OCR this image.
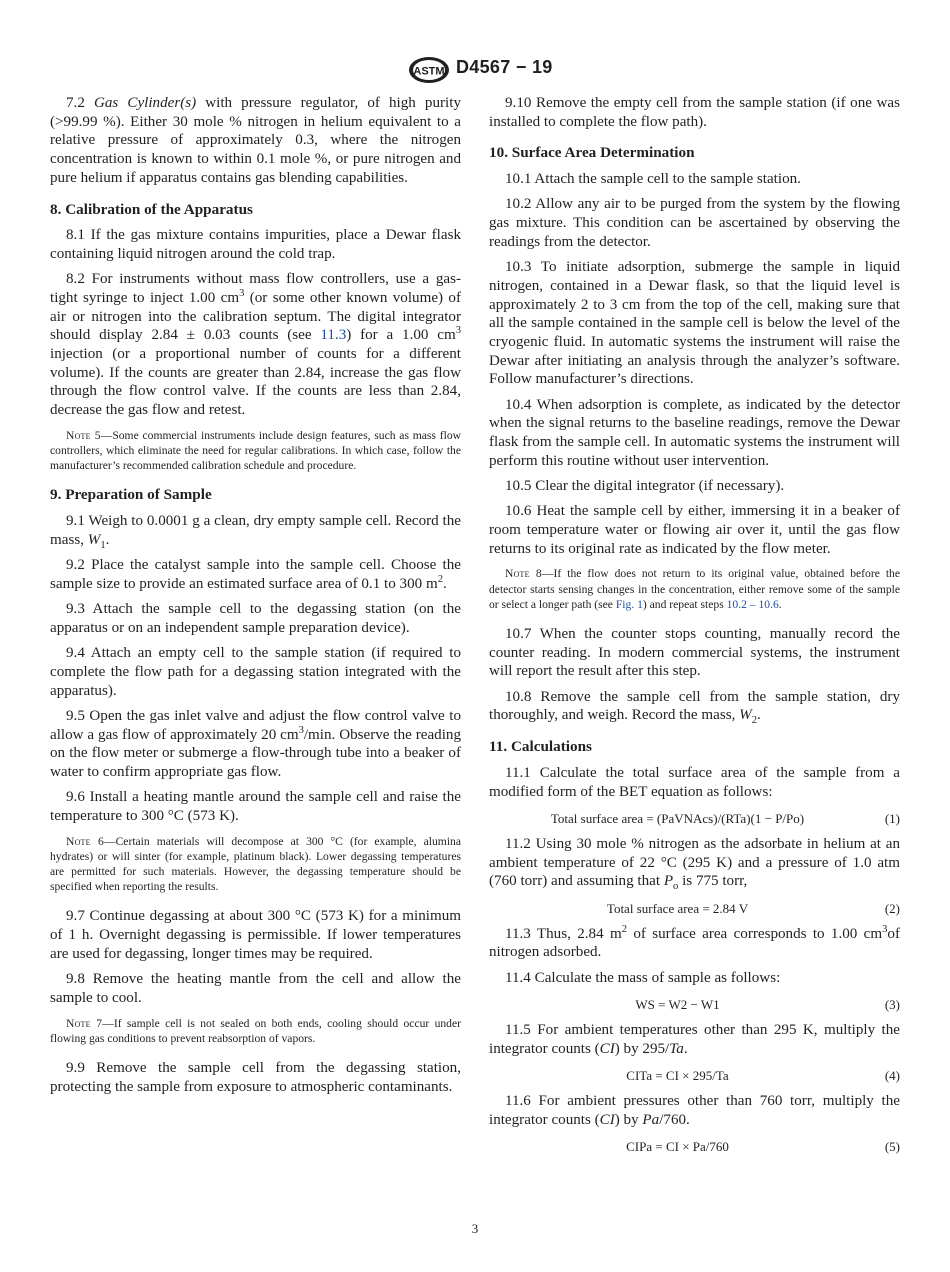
ASTM D4567 − 19

7.2 Gas Cylinder(s) with pressure regulator, of high purity (>99.99 %). Either 30 mole % nitrogen in helium equivalent to a relative pressure of approximately 0.3, where the nitrogen concentration is known to within 0.1 mole %, or pure nitrogen and pure helium if apparatus contains gas blending capabilities.

8. Calibration of the Apparatus

8.1 If the gas mixture contains impurities, place a Dewar flask containing liquid nitrogen around the cold trap.

8.2 For instruments without mass flow controllers, use a gas-tight syringe to inject 1.00 $cm^3$ (or some other known volume) of air or nitrogen into the calibration septum. The digital integrator should display 2.84 ± 0.03 counts (see 11.3) for a 1.00 $cm^3$ injection (or a proportional number of counts for a different volume). If the counts are greater than 2.84, increase the gas flow through the flow control valve. If the counts are less than 2.84, decrease the gas flow and retest.

Note 5—Some commercial instruments include design features, such as mass flow controllers, which eliminate the need for regular calibrations. In which case, follow the manufacturer’s recommended calibration schedule and procedure.
9. Preparation of Sample

9.1 Weigh to 0.0001 g a clean, dry empty sample cell. Record the mass, $W_1$.

9.2 Place the catalyst sample into the sample cell. Choose the sample size to provide an estimated surface area of 0.1 to 300 $m^2$.

9.3 Attach the sample cell to the degassing station (on the apparatus or on an independent sample preparation device).

9.4 Attach an empty cell to the sample station (if required to complete the flow path for a degassing station integrated with the apparatus).

9.5 Open the gas inlet valve and adjust the flow control valve to allow a gas flow of approximately 20 $cm^3/\min$. Observe the reading on the flow meter or submerge a flow-through tube into a beaker of water to confirm appropriate gas flow.

9.6 Install a heating mantle around the sample cell and raise the temperature to 300 °C (573 K).

Note 6—Certain materials will decompose at 300 °C (for example, alumina hydrates) or will sinter (for example, platinum black). Lower degassing temperatures are permitted for such materials. However, the degassing temperature should be specified when reporting the results.

9.7 Continue degassing at about 300 °C (573 K) for a minimum of 1 h. Overnight degassing is permissible. If lower temperatures are used for degassing, longer times may be required.

9.8 Remove the heating mantle from the cell and allow the sample to cool.

Note 7—If sample cell is not sealed on both ends, cooling should occur under flowing gas conditions to prevent reabsorption of vapors.

9.9 Remove the sample cell from the degassing station, protecting the sample from exposure to atmospheric contaminants.

9.10 Remove the empty cell from the sample station (if one was installed to complete the flow path).

10. Surface Area Determination

10.1 Attach the sample cell to the sample station.

10.2 Allow any air to be purged from the system by the flowing gas mixture. This condition can be ascertained by observing the readings from the detector.

10.3 To initiate adsorption, submerge the sample in liquid nitrogen, contained in a Dewar flask, so that the liquid level is approximately 2 to 3 cm from the top of the cell, making sure that all the sample contained in the sample cell is below the level of the cryogenic fluid. In automatic systems the instrument will raise the Dewar after initiating an analysis through the analyzer’s software. Follow manufacturer’s directions.

10.4 When adsorption is complete, as indicated by the detector when the signal returns to the baseline readings, remove the Dewar flask from the sample cell. In automatic systems the instrument will perform this routine without user intervention.

10.5 Clear the digital integrator (if necessary).

10.6 Heat the sample cell by either, immersing it in a beaker of room temperature water or flowing air over it, until the gas flow returns to its original rate as indicated by the flow meter.

Note 8—If the flow does not return to its original value, obtained before the detector starts sensing changes in the concentration, either remove some of the sample or select a longer path (see Fig. 1) and repeat steps 10.2 – 10.6.

10.7 When the counter stops counting, manually record the counter reading. In modern commercial systems, the instrument will report the result after this step.

10.8 Remove the sample cell from the sample station, dry thoroughly, and weigh. Record the mass, $W_2$.

11. Calculations

11.1 Calculate the total surface area of the sample from a modified form of the BET equation as follows:

Total surface area = (PaVNAcs)/(RTa)(1 − P/Po)	(1)

11.2 Using 30 mole % nitrogen as the adsorbate in helium at an ambient temperature of 22 °C (295 K) and a pressure of 1.0 atm (760 torr) and assuming that $P_o$ is 775 torr,

Total surface area = 2.84 V	(2)

11.3 Thus, 2.84 $m^2$ of surface area corresponds to 1.00 $cm^3of$ nitrogen adsorbed.

11.4 Calculate the mass of sample as follows:

WS = W2 − W1	(3)

11.5 For ambient temperatures other than 295 K, multiply the integrator counts (CI) by 295/Ta.

CITa = CI × 295/Ta	(4)

11.6 For ambient pressures other than 760 torr, multiply the integrator counts (CI) by Pa/760.

CIPa = CI × Pa/760	(5)
3
